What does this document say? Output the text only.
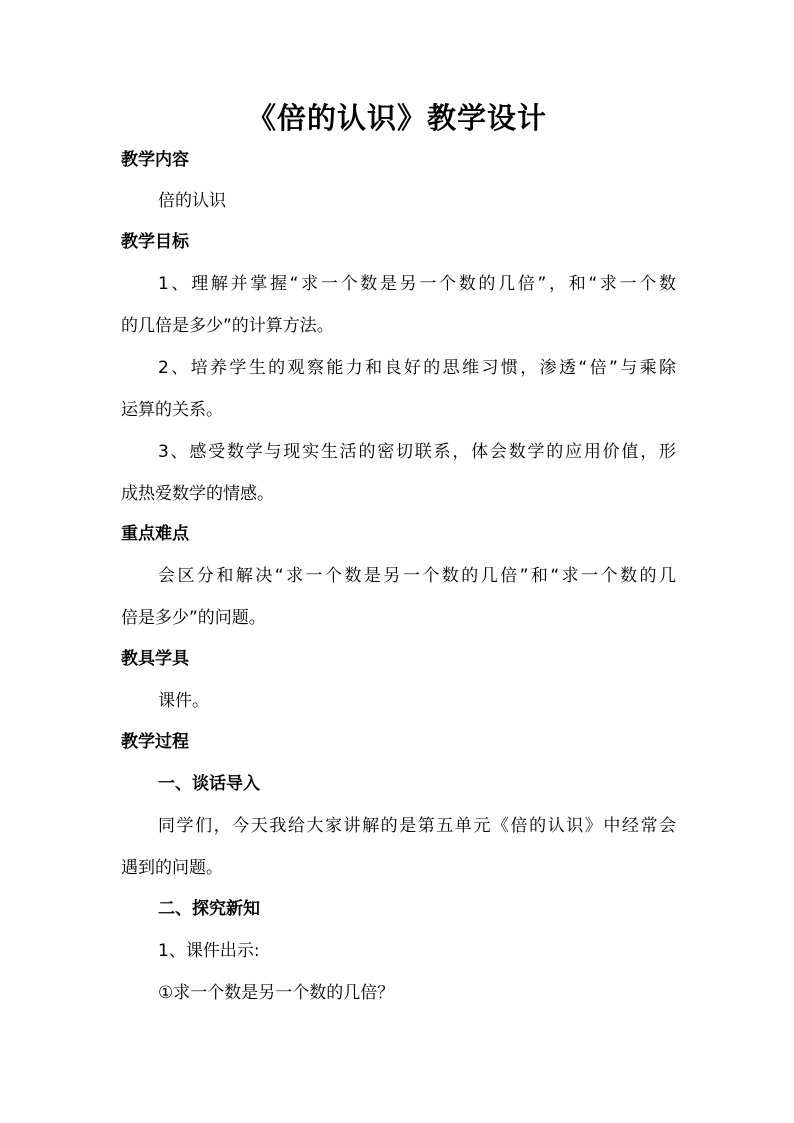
《倍的认识》教学设计
教学内容
倍的认识
教学目标
1、理解并掌握“求一个数是另一个数的几倍”，和“求一个数
的几倍是多少”的计算方法。
2、培养学生的观察能力和良好的思维习惯，渗透“倍”与乘除
运算的关系。
3、感受数学与现实生活的密切联系，体会数学的应用价值，形
成热爱数学的情感。
重点难点
会区分和解决“求一个数是另一个数的几倍”和“求一个数的几
倍是多少”的问题。
教具学具
课件。
教学过程
一、谈话导入
同学们，今天我给大家讲解的是第五单元《倍的认识》中经常会
遇到的问题。
二、探究新知
1、课件出示:
①求一个数是另一个数的几倍？
